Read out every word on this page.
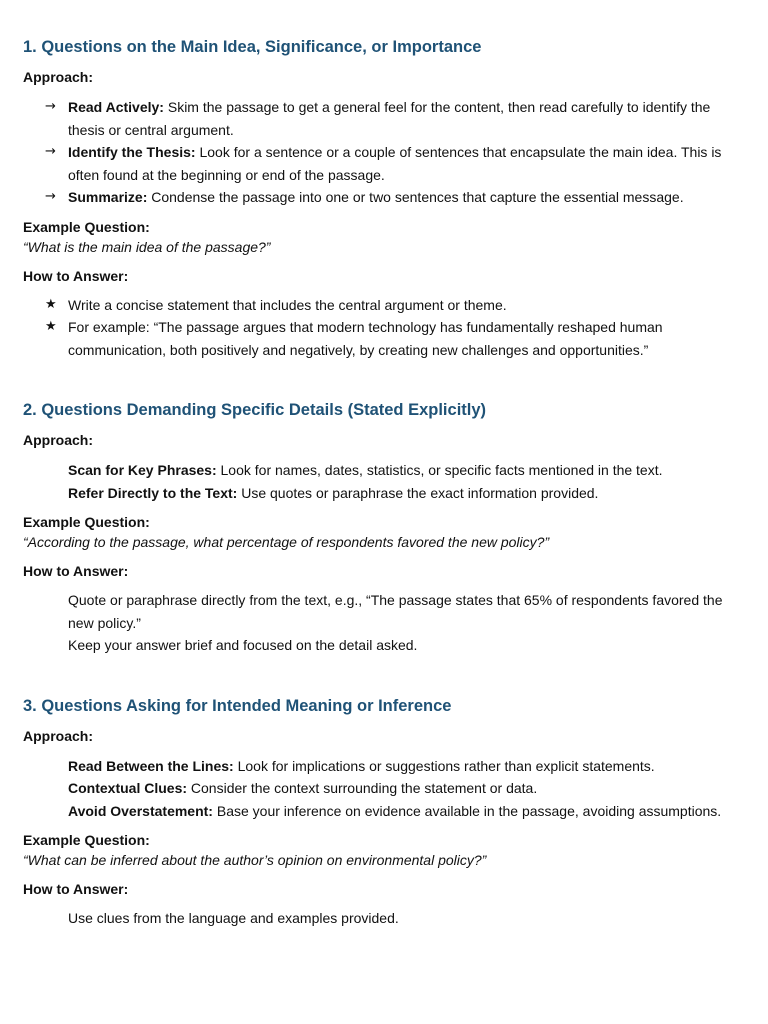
1. Questions on the Main Idea, Significance, or Importance

Approach:

→ Read Actively: Skim the passage to get a general feel for the content, then read carefully to identify the thesis or central argument.
→ Identify the Thesis: Look for a sentence or a couple of sentences that encapsulate the main idea. This is often found at the beginning or end of the passage.
→ Summarize: Condense the passage into one or two sentences that capture the essential message.

Example Question:

“What is the main idea of the passage?”

How to Answer:

★ Write a concise statement that includes the central argument or theme.
★ For example: “The passage argues that modern technology has fundamentally reshaped human communication, both positively and negatively, by creating new challenges and opportunities.”
2. Questions Demanding Specific Details (Stated Explicitly)

Approach:

Scan for Key Phrases: Look for names, dates, statistics, or specific facts mentioned in the text.
Refer Directly to the Text: Use quotes or paraphrase the exact information provided.

Example Question:

“According to the passage, what percentage of respondents favored the new policy?”

How to Answer:

Quote or paraphrase directly from the text, e.g., “The passage states that 65% of respondents favored the new policy.”
Keep your answer brief and focused on the detail asked.
3. Questions Asking for Intended Meaning or Inference

Approach:

Read Between the Lines: Look for implications or suggestions rather than explicit statements.
Contextual Clues: Consider the context surrounding the statement or data.
Avoid Overstatement: Base your inference on evidence available in the passage, avoiding assumptions.

Example Question:

“What can be inferred about the author’s opinion on environmental policy?”

How to Answer:

Use clues from the language and examples provided.
